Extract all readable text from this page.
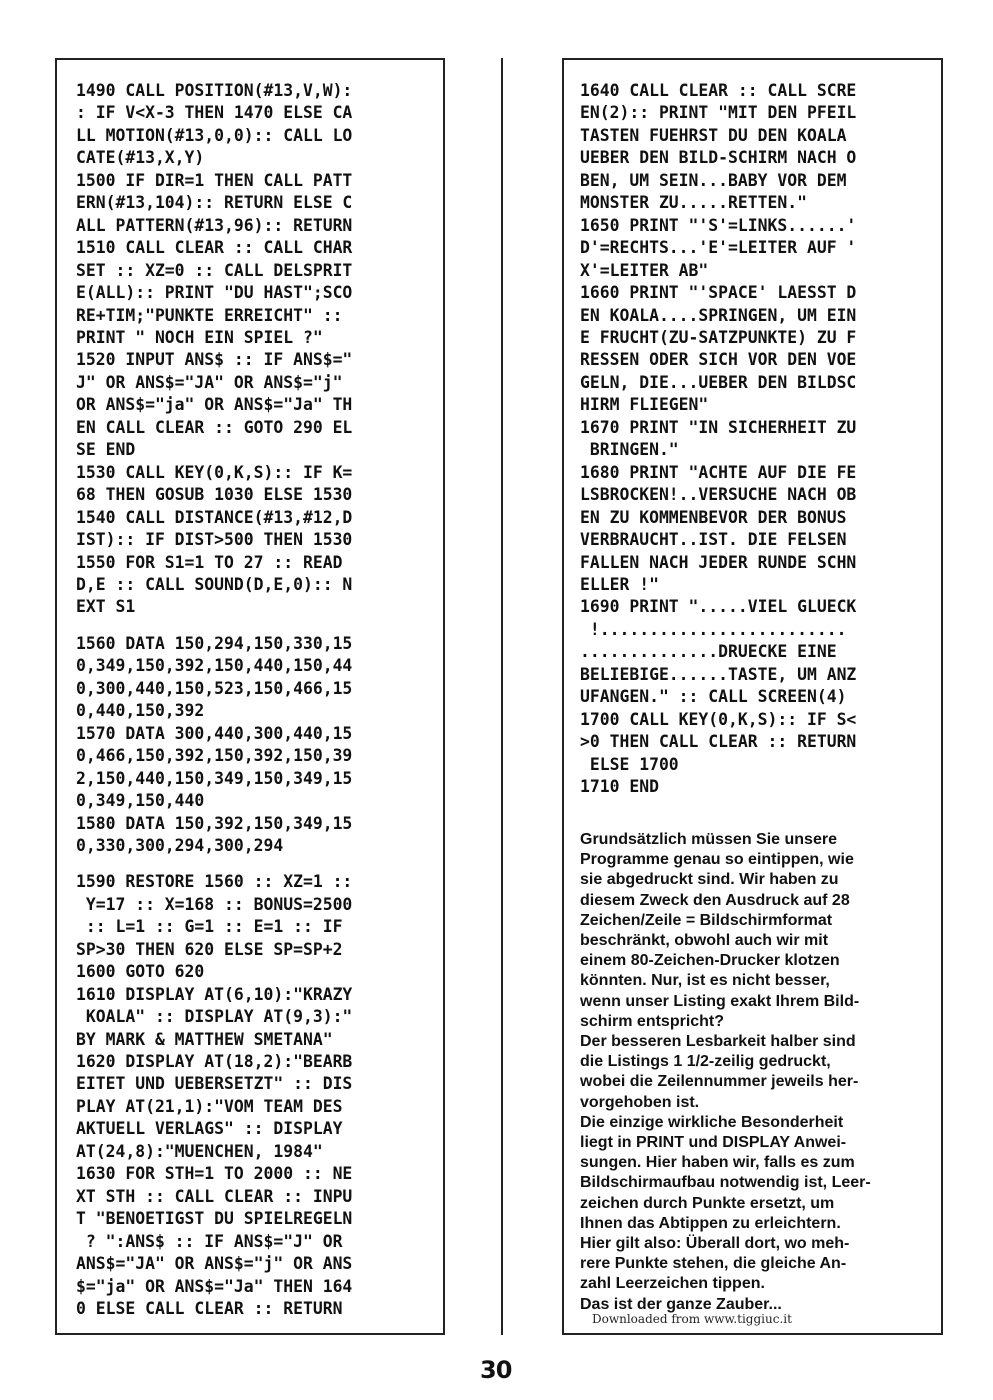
1490 CALL POSITION(#13,V,W):
: IF V<X-3 THEN 1470 ELSE CA
LL MOTION(#13,0,0):: CALL LO
CATE(#13,X,Y)
1500 IF DIR=1 THEN CALL PATT
ERN(#13,104):: RETURN ELSE C
ALL PATTERN(#13,96):: RETURN
1510 CALL CLEAR :: CALL CHAR
SET :: XZ=0 :: CALL DELSPRIT
E(ALL):: PRINT "DU HAST";SCO
RE+TIM;"PUNKTE ERREICHT" ::
PRINT " NOCH EIN SPIEL ?"
1520 INPUT ANS$ :: IF ANS$="
J" OR ANS$="JA" OR ANS$="j"
OR ANS$="ja" OR ANS$="Ja" TH
EN CALL CLEAR :: GOTO 290 EL
SE END
1530 CALL KEY(0,K,S):: IF K=
68 THEN GOSUB 1030 ELSE 1530
1540 CALL DISTANCE(#13,#12,D
IST):: IF DIST>500 THEN 1530
1550 FOR S1=1 TO 27 :: READ
D,E :: CALL SOUND(D,E,0):: N
EXT S1
1560 DATA 150,294,150,330,15
0,349,150,392,150,440,150,44
0,300,440,150,523,150,466,15
0,440,150,392
1570 DATA 300,440,300,440,15
0,466,150,392,150,392,150,39
2,150,440,150,349,150,349,15
0,349,150,440
1580 DATA 150,392,150,349,15
0,330,300,294,300,294
1590 RESTORE 1560 :: XZ=1 ::
Y=17 :: X=168 :: BONUS=2500
:: L=1 :: G=1 :: E=1 :: IF
SP>30 THEN 620 ELSE SP=SP+2
1600 GOTO 620
1610 DISPLAY AT(6,10):"KRAZY
KOALA" :: DISPLAY AT(9,3):"
BY MARK & MATTHEW SMETANA"
1620 DISPLAY AT(18,2):"BEARB
EITET UND UEBERSETZT" :: DIS
PLAY AT(21,1):"VOM TEAM DES
AKTUELL VERLAGS" :: DISPLAY
AT(24,8):"MUENCHEN, 1984"
1630 FOR STH=1 TO 2000 :: NE
XT STH :: CALL CLEAR :: INPU
T "BENOETIGST DU SPIELREGELN
? ":ANS$ :: IF ANS$="J" OR
ANS$="JA" OR ANS$="j" OR ANS
$="ja" OR ANS$="Ja" THEN 164
0 ELSE CALL CLEAR :: RETURN
1640 CALL CLEAR :: CALL SCRE
EN(2):: PRINT "MIT DEN PFEIL
TASTEN FUEHRST DU DEN KOALA
UEBER DEN BILD-SCHIRM NACH O
BEN, UM SEIN...BABY VOR DEM
MONSTER ZU.....RETTEN."
1650 PRINT "'S'=LINKS......'
D'=RECHTS...'E'=LEITER AUF '
X'=LEITER AB"
1660 PRINT "'SPACE' LAESST D
EN KOALA....SPRINGEN, UM EIN
E FRUCHT(ZU-SATZPUNKTE) ZU F
RESSEN ODER SICH VOR DEN VOE
GELN, DIE...UEBER DEN BILDSC
HIRM FLIEGEN"
1670 PRINT "IN SICHERHEIT ZU
BRINGEN."
1680 PRINT "ACHTE AUF DIE FE
LSBROCKEN!..VERSUCHE NACH OB
EN ZU KOMMENBEVOR DER BONUS
VERBRAUCHT..IST. DIE FELSEN
FALLEN NACH JEDER RUNDE SCHN
ELLER !"
1690 PRINT ".....VIEL GLUECK
!.........................
..............DRUECKE EINE
BELIEBIGE......TASTE, UM ANZ
UFANGEN." :: CALL SCREEN(4)
1700 CALL KEY(0,K,S):: IF S<
>0 THEN CALL CLEAR :: RETURN
ELSE 1700
1710 END
Grundsätzlich müssen Sie unsere
Programme genau so eintippen, wie
sie abgedruckt sind. Wir haben zu
diesem Zweck den Ausdruck auf 28
Zeichen/Zeile = Bildschirmformat
beschränkt, obwohl auch wir mit
einem 80-Zeichen-Drucker klotzen
könnten. Nur, ist es nicht besser,
wenn unser Listing exakt Ihrem Bild-
schirm entspricht?
Der besseren Lesbarkeit halber sind
die Listings 1 1/2-zeilig gedruckt,
wobei die Zeilennummer jeweils her-
vorgehoben ist.
Die einzige wirkliche Besonderheit
liegt in PRINT und DISPLAY Anwei-
sungen. Hier haben wir, falls es zum
Bildschirmaufbau notwendig ist, Leer-
zeichen durch Punkte ersetzt, um
Ihnen das Abtippen zu erleichtern.
Hier gilt also: Überall dort, wo meh-
rere Punkte stehen, die gleiche An-
zahl Leerzeichen tippen.
Das ist der ganze Zauber...
Downloaded from www.tiggiuc.it
30
